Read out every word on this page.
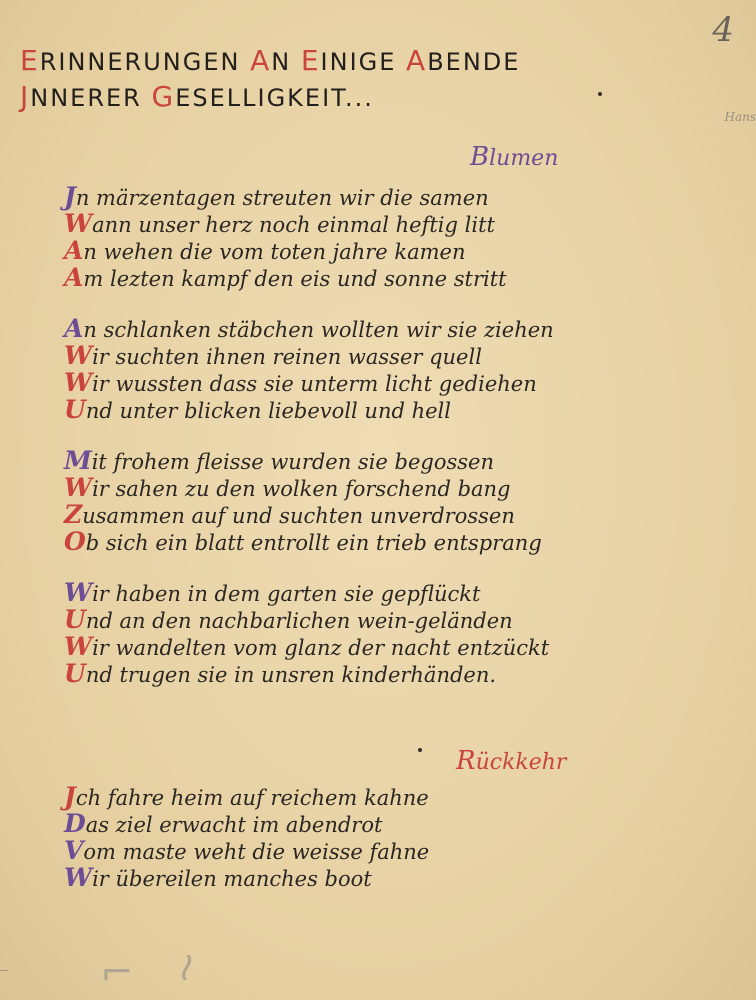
4
Hans
ERINNERUNGEN AN EINIGE ABENDE
JNNERER GESELLIGKEIT...
Blumen
Jn märzentagen streuten wir die samen
Wann unser herz noch einmal heftig litt
An wehen die vom toten jahre kamen
Am lezten kampf den eis und sonne stritt
An schlanken stäbchen wollten wir sie ziehen
Wir suchten ihnen reinen wasser quell
Wir wussten dass sie unterm licht gediehen
Und unter blicken liebevoll und hell
Mit frohem fleisse wurden sie begossen
Wir sahen zu den wolken forschend bang
Zusammen auf und suchten unverdrossen
Ob sich ein blatt entrollt ein trieb entsprang
Wir haben in dem garten sie gepflückt
Und an den nachbarlichen wein-geländen
Wir wandelten vom glanz der nacht entzückt
Und trugen sie in unsren kinderhänden.
Rückkehr
Jch fahre heim auf reichem kahne
Das ziel erwacht im abendrot
Vom maste weht die weisse fahne
Wir übereilen manches boot
⌐ ≀
